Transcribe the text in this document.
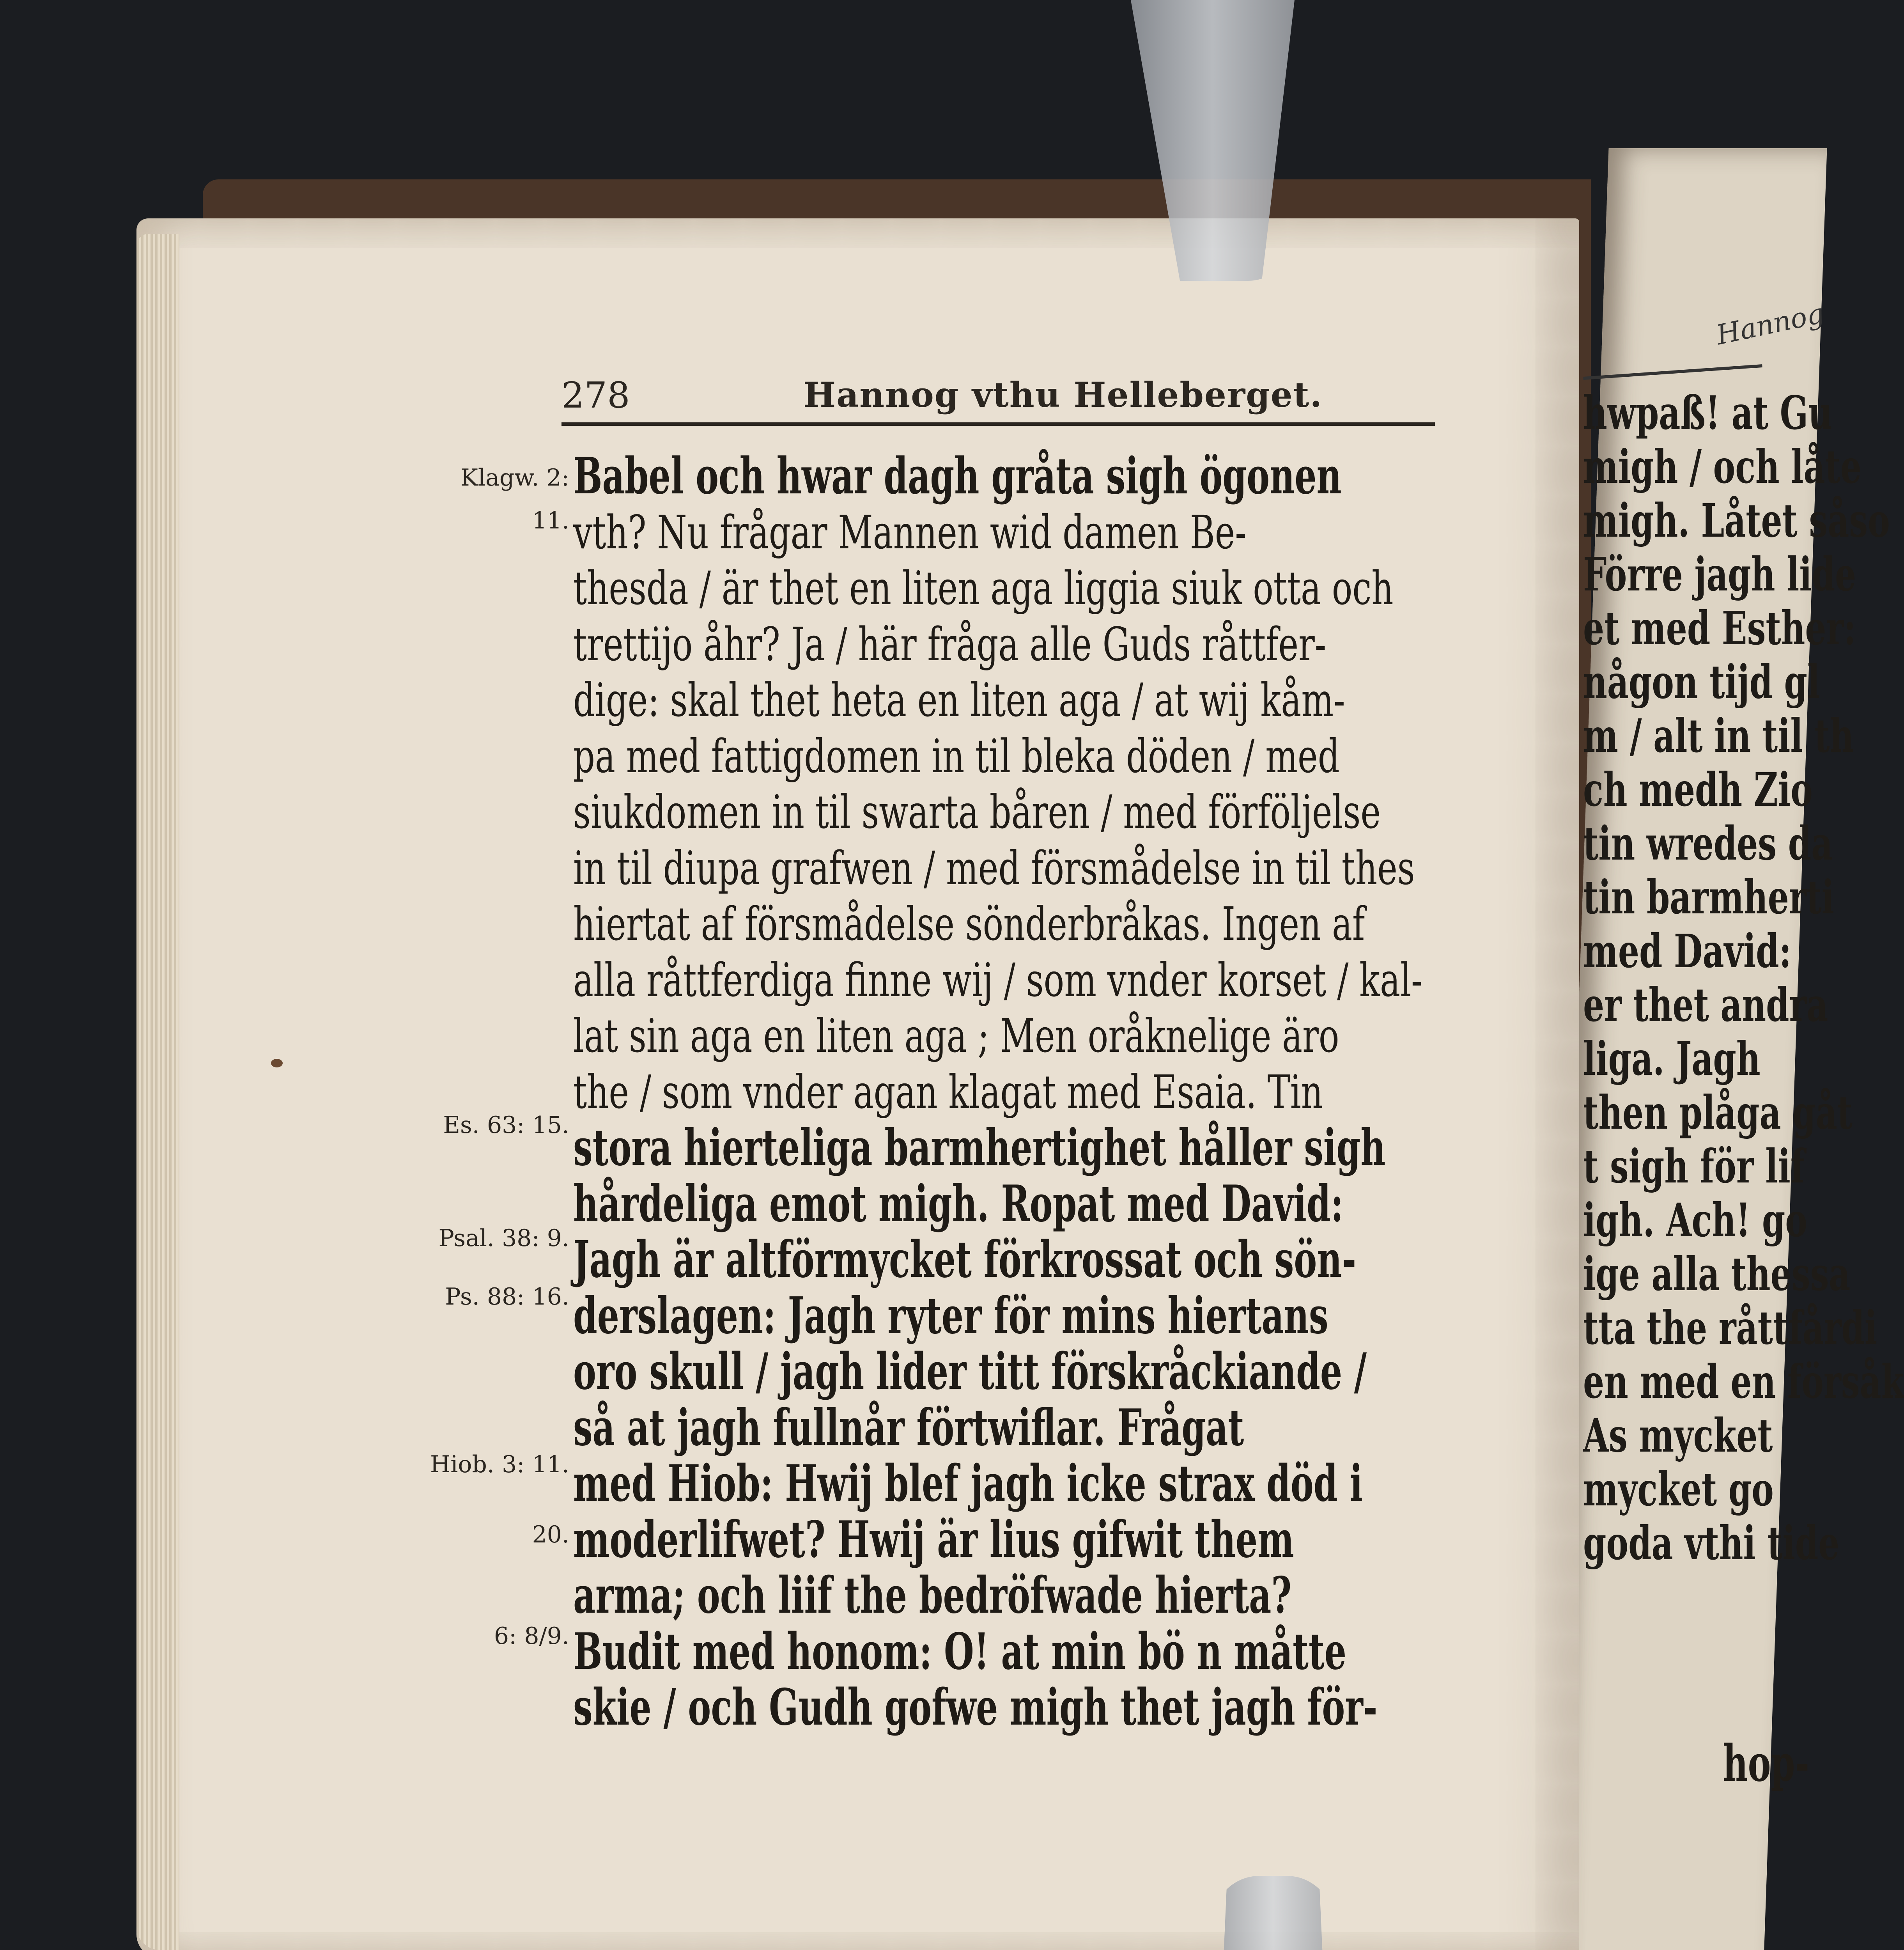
Hannog
hwpaß! at Gu
migh / och låte
migh. Låtet såso
Förre jagh lide
et med Esther:
någon tijd gl
m / alt in til th
ch medh Zio
tin wredes da
tin barmherti
med David:
er thet andra
liga. Jagh
then plåga gåt
t sigh för lif
igh. Ach! go
ige alla thessa
tta the råttfårdi
en med en försåk
As mycket
mycket go
goda vthi tide
278	Hannog vthu Helleberget.
Klagw. 2:
11.
Es. 63: 15.
Psal. 38: 9.
Ps. 88: 16.
Hiob. 3: 11.
20.
6: 8/9.
Babel och hwar dagh gråta sigh ögonen
vth? Nu frågar Mannen wid damen Be-
thesda / är thet en liten aga liggia siuk otta och
trettijo åhr? Ja / här fråga alle Guds råttfer-
dige: skal thet heta en liten aga / at wij kåm-
pa med fattigdomen in til bleka döden / med
siukdomen in til swarta båren / med förföljelse
in til diupa grafwen / med försmådelse in til thes
hiertat af försmådelse sönderbråkas. Ingen af
alla råttferdiga finne wij / som vnder korset / kal-
lat sin aga en liten aga ; Men oråknelige äro
the / som vnder agan klagat med Esaia. Tin
stora hierteliga barmhertighet håller sigh
hårdeliga emot migh. Ropat med David:
Jagh är altförmycket förkrossat och sön-
derslagen: Jagh ryter för mins hiertans
oro skull / jagh lider titt förskråckiande /
så at jagh fullnår förtwiflar. Frågat
med Hiob: Hwij blef jagh icke strax död i
moderlifwet? Hwij är lius gifwit them
arma; och liif the bedröfwade hierta?
Budit med honom: O! at min bö n måtte
skie / och Gudh gofwe migh thet jagh för-
hop-
